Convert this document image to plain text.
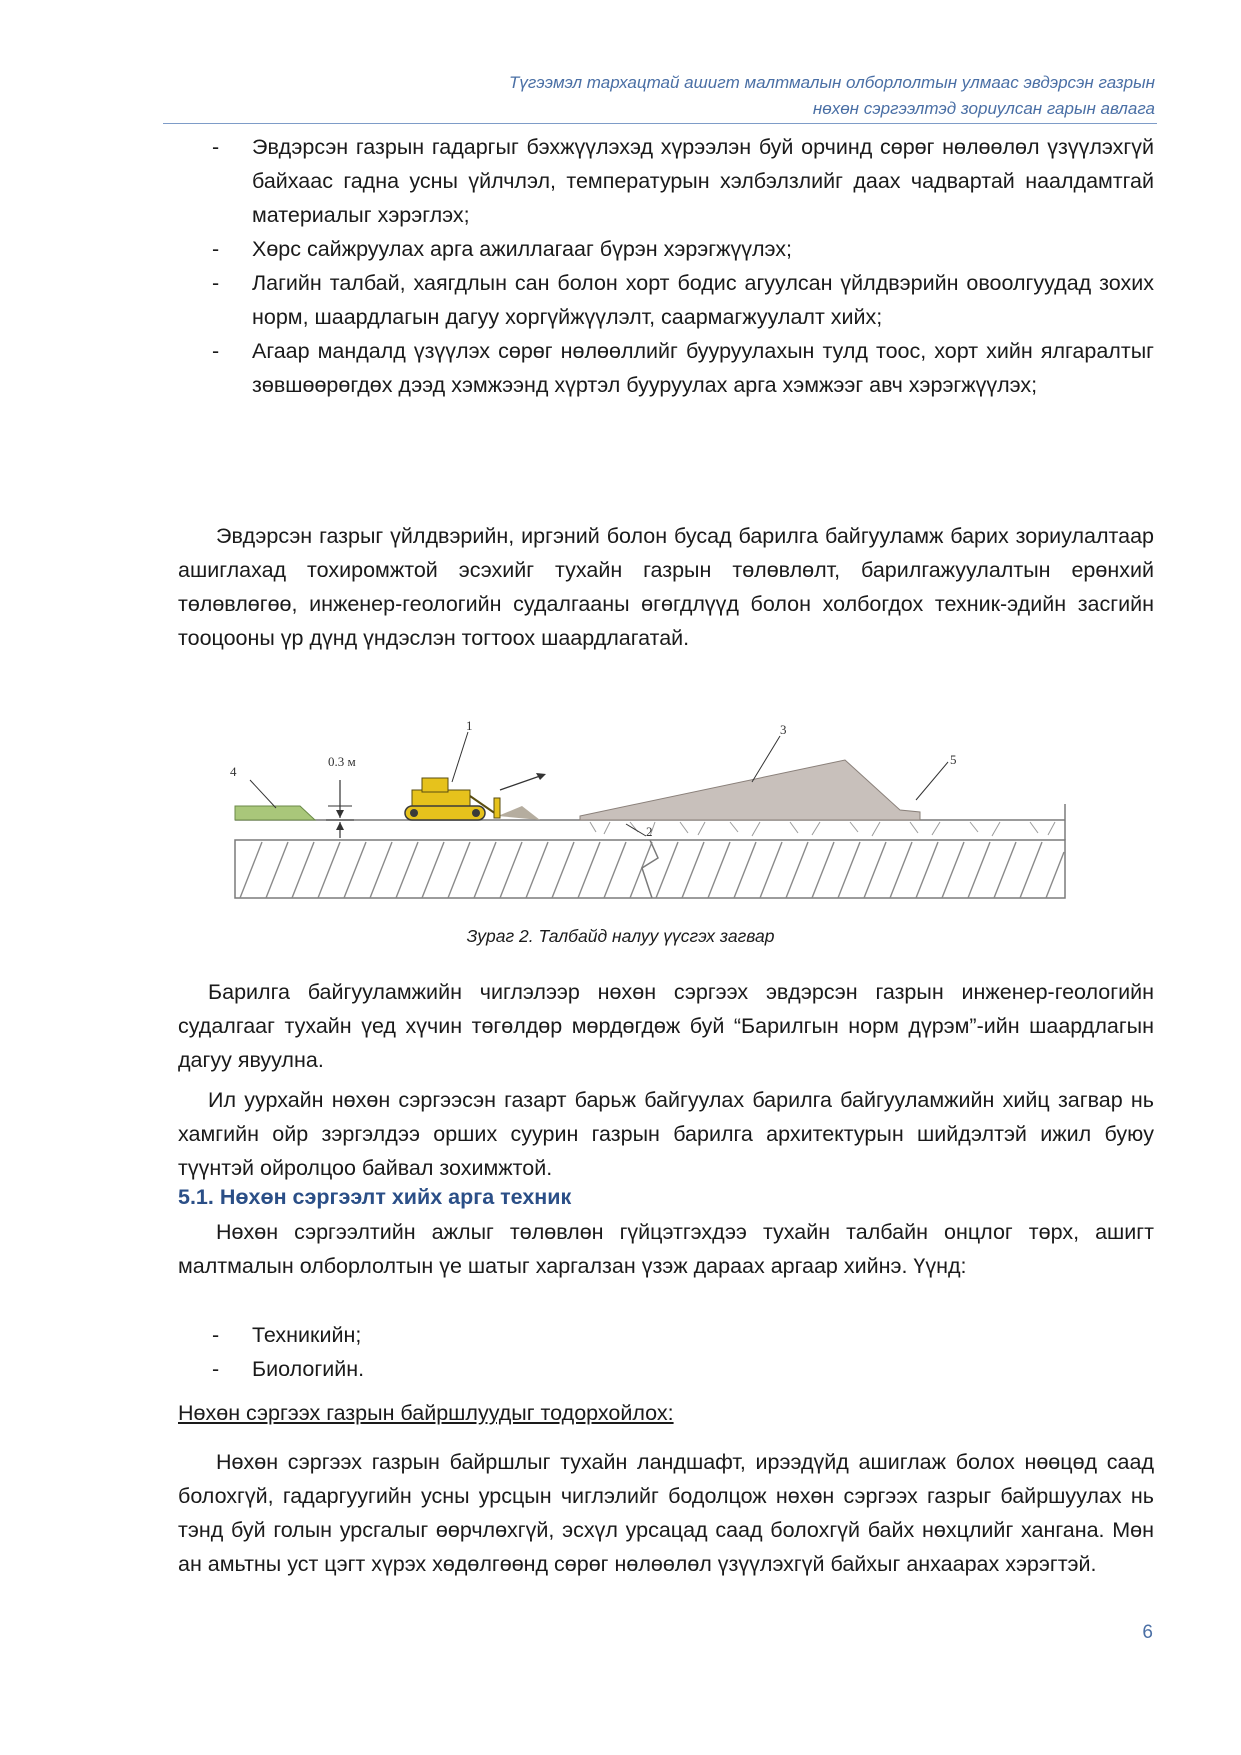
Түгээмэл тархацтай ашигт малтмалын олборлолтын улмаас эвдэрсэн газрын
нөхөн сэргээлтэд зориулсан гарын авлага
- Эвдэрсэн газрын гадаргыг бэхжүүлэхэд хүрээлэн буй орчинд сөрөг нөлөөлөл үзүүлэхгүй байхаас гадна усны үйлчлэл, температурын хэлбэлзлийг даах чадвартай наалдамтгай материалыг хэрэглэх;
- Хөрс сайжруулах арга ажиллагааг бүрэн хэрэгжүүлэх;
- Лагийн талбай, хаягдлын сан болон хорт бодис агуулсан үйлдвэрийн овоолгуудад зохих норм, шаардлагын дагуу хоргүйжүүлэлт, саармагжуулалт хийх;
- Агаар мандалд үзүүлэх сөрөг нөлөөллийг бууруулахын тулд тоос, хорт хийн ялгаралтыг зөвшөөрөгдөх дээд хэмжээнд хүртэл бууруулах арга хэмжээг авч хэрэгжүүлэх;

Эвдэрсэн газрыг үйлдвэрийн, иргэний болон бусад барилга байгууламж барих зориулалтаар ашиглахад тохиромжтой эсэхийг тухайн газрын төлөвлөлт, барилгажуулалтын ерөнхий төлөвлөгөө, инженер-геологийн судалгааны өгөгдлүүд болон холбогдох техник-эдийн засгийн тооцооны үр дүнд үндэслэн тогтоох шаардлагатай.

0.3 м
4
1	3
5
2
Зураг 2. Талбайд налуу үүсгэх загвар

Барилга байгууламжийн чиглэлээр нөхөн сэргээх эвдэрсэн газрын инженер-геологийн судалгааг тухайн үед хүчин төгөлдөр мөрдөгдөж буй “Барилгын норм дүрэм”-ийн шаардлагын дагуу явуулна.

Ил уурхайн нөхөн сэргээсэн газарт барьж байгуулах барилга байгууламжийн хийц загвар нь хамгийн ойр зэргэлдээ орших суурин газрын барилга архитектурын шийдэлтэй ижил буюу түүнтэй ойролцоо байвал зохимжтой.

5.1. Нөхөн сэргээлт хийх арга техник

Нөхөн сэргээлтийн ажлыг төлөвлөн гүйцэтгэхдээ тухайн талбайн онцлог төрх, ашигт малтмалын олборлолтын үе шатыг харгалзан үзэж дараах аргаар хийнэ. Үүнд:

- Техникийн;
- Биологийн.

Нөхөн сэргээх газрын байршлуудыг тодорхойлох:

Нөхөн сэргээх газрын байршлыг тухайн ландшафт, ирээдүйд ашиглаж болох нөөцөд саад болохгүй, гадаргуугийн усны урсцын чиглэлийг бодолцож нөхөн сэргээх газрыг байршуулах нь тэнд буй голын урсгалыг өөрчлөхгүй, эсхүл урсацад саад болохгүй байх нөхцлийг хангана. Мөн ан амьтны уст цэгт хүрэх хөдөлгөөнд сөрөг нөлөөлөл үзүүлэхгүй байхыг анхаарах хэрэгтэй.

6
